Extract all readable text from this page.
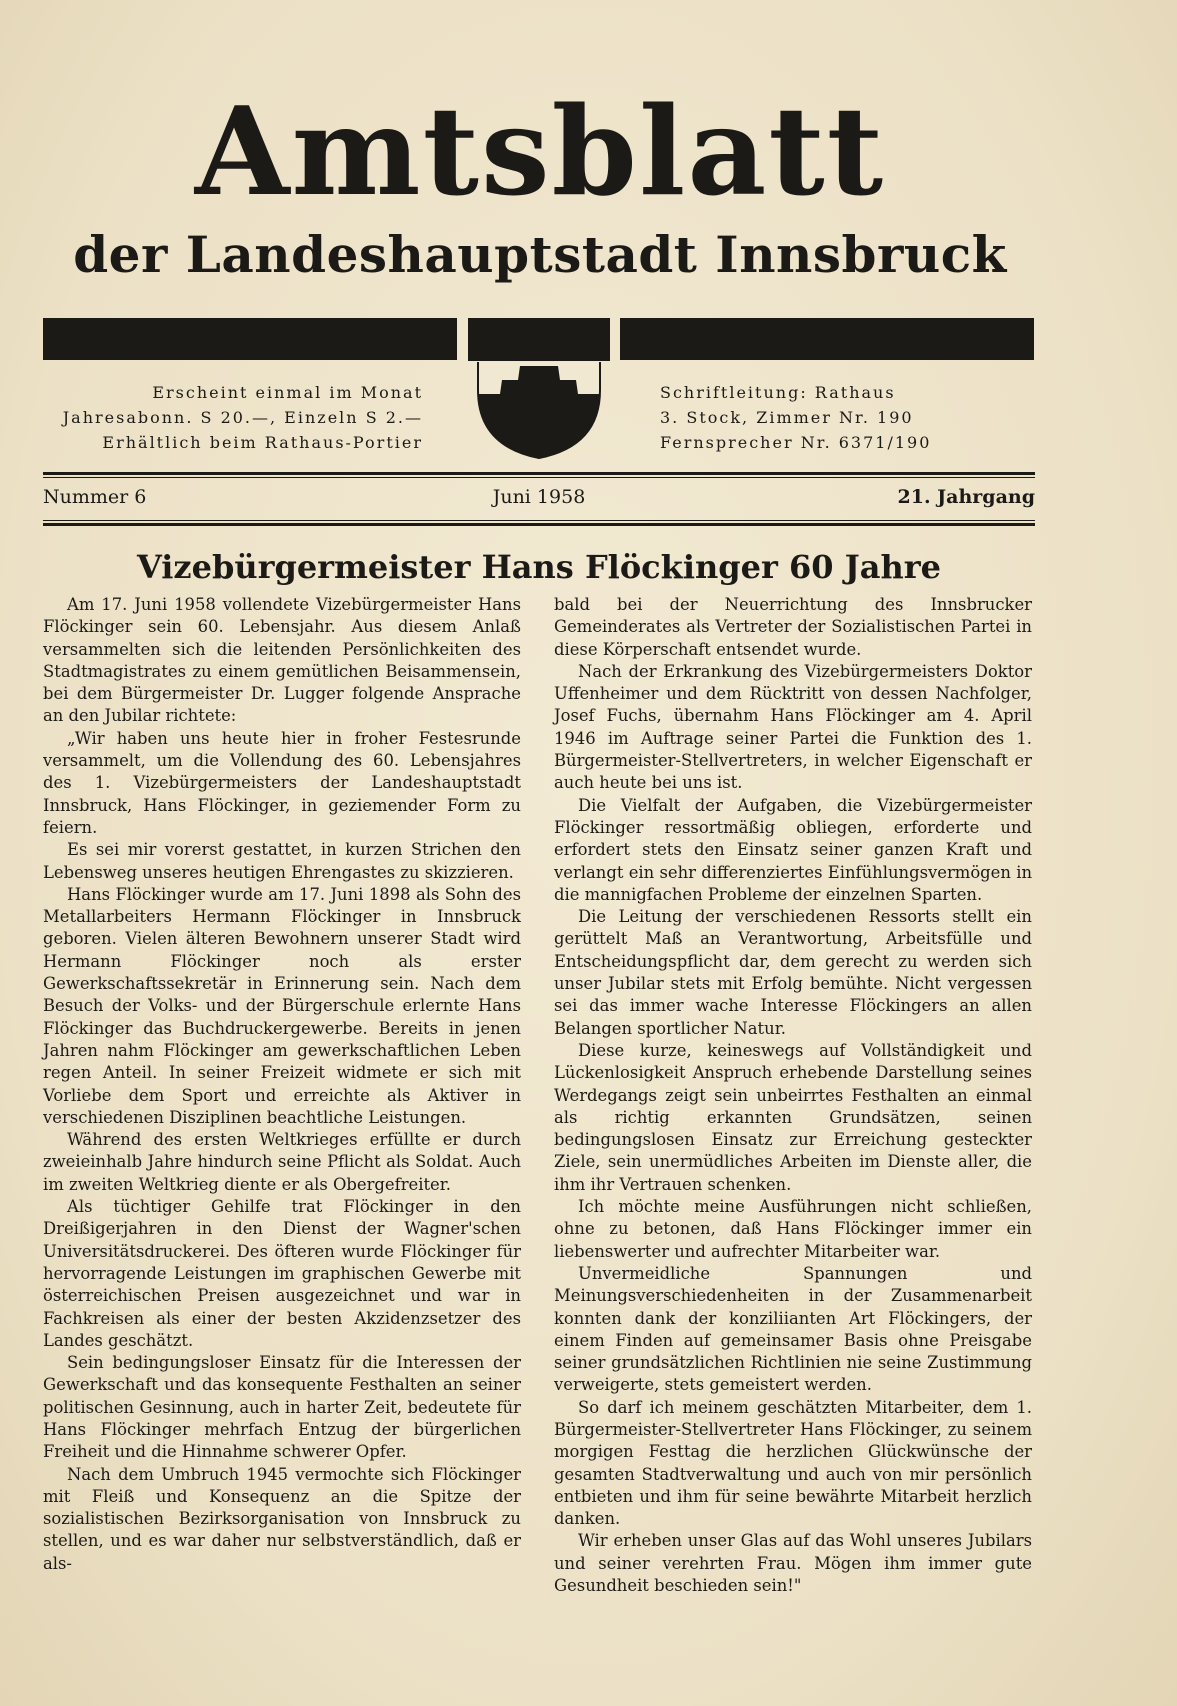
Amtsblatt
der Landeshauptstadt Innsbruck
Erscheint einmal im Monat
Jahresabonn. S 20.—, Einzeln S 2.—
Erhältlich beim Rathaus-Portier
Schriftleitung: Rathaus
3. Stock, Zimmer Nr. 190
Fernsprecher Nr. 6371/190
Nummer 6	Juni 1958	21. Jahrgang
Vizebürgermeister Hans Flöckinger 60 Jahre

Am 17. Juni 1958 vollendete Vizebürgermeister Hans Flöckinger sein 60. Lebensjahr. Aus diesem Anlaß versammelten sich die leitenden Persönlichkeiten des Stadtmagistrates zu einem gemütlichen Beisammensein, bei dem Bürgermeister Dr. Lugger folgende Ansprache an den Jubilar richtete:

„Wir haben uns heute hier in froher Festesrunde versammelt, um die Vollendung des 60. Lebensjahres des 1. Vizebürgermeisters der Landeshauptstadt Innsbruck, Hans Flöckinger, in geziemender Form zu feiern.

Es sei mir vorerst gestattet, in kurzen Strichen den Lebensweg unseres heutigen Ehrengastes zu skizzieren.

Hans Flöckinger wurde am 17. Juni 1898 als Sohn des Metallarbeiters Hermann Flöckinger in Innsbruck geboren. Vielen älteren Bewohnern unserer Stadt wird Hermann Flöckinger noch als erster Gewerkschaftssekretär in Erinnerung sein. Nach dem Besuch der Volks- und der Bürgerschule erlernte Hans Flöckinger das Buchdruckergewerbe. Bereits in jenen Jahren nahm Flöckinger am gewerkschaftlichen Leben regen Anteil. In seiner Freizeit widmete er sich mit Vorliebe dem Sport und erreichte als Aktiver in verschiedenen Disziplinen beachtliche Leistungen.

Während des ersten Weltkrieges erfüllte er durch zweieinhalb Jahre hindurch seine Pflicht als Soldat. Auch im zweiten Weltkrieg diente er als Obergefreiter.

Als tüchtiger Gehilfe trat Flöckinger in den Dreißigerjahren in den Dienst der Wagner'schen Universitätsdruckerei. Des öfteren wurde Flöckinger für hervorragende Leistungen im graphischen Gewerbe mit österreichischen Preisen ausgezeichnet und war in Fachkreisen als einer der besten Akzidenzsetzer des Landes geschätzt.

Sein bedingungsloser Einsatz für die Interessen der Gewerkschaft und das konsequente Festhalten an seiner politischen Gesinnung, auch in harter Zeit, bedeutete für Hans Flöckinger mehrfach Entzug der bürgerlichen Freiheit und die Hinnahme schwerer Opfer.

Nach dem Umbruch 1945 vermochte sich Flöckinger mit Fleiß und Konsequenz an die Spitze der sozialistischen Bezirksorganisation von Innsbruck zu stellen, und es war daher nur selbstverständlich, daß er als-

bald bei der Neuerrichtung des Innsbrucker Gemeinderates als Vertreter der Sozialistischen Partei in diese Körperschaft entsendet wurde.

Nach der Erkrankung des Vizebürgermeisters Doktor Uffenheimer und dem Rücktritt von dessen Nachfolger, Josef Fuchs, übernahm Hans Flöckinger am 4. April 1946 im Auftrage seiner Partei die Funktion des 1. Bürgermeister-Stellvertreters, in welcher Eigenschaft er auch heute bei uns ist.

Die Vielfalt der Aufgaben, die Vizebürgermeister Flöckinger ressortmäßig obliegen, erforderte und erfordert stets den Einsatz seiner ganzen Kraft und verlangt ein sehr differenziertes Einfühlungsvermögen in die mannigfachen Probleme der einzelnen Sparten.

Die Leitung der verschiedenen Ressorts stellt ein gerüttelt Maß an Verantwortung, Arbeitsfülle und Entscheidungspflicht dar, dem gerecht zu werden sich unser Jubilar stets mit Erfolg bemühte. Nicht vergessen sei das immer wache Interesse Flöckingers an allen Belangen sportlicher Natur.

Diese kurze, keineswegs auf Vollständigkeit und Lückenlosigkeit Anspruch erhebende Darstellung seines Werdegangs zeigt sein unbeirrtes Festhalten an einmal als richtig erkannten Grundsätzen, seinen bedingungslosen Einsatz zur Erreichung gesteckter Ziele, sein unermüdliches Arbeiten im Dienste aller, die ihm ihr Vertrauen schenken.

Ich möchte meine Ausführungen nicht schließen, ohne zu betonen, daß Hans Flöckinger immer ein liebenswerter und aufrechter Mitarbeiter war.

Unvermeidliche Spannungen und Meinungsverschiedenheiten in der Zusammenarbeit konnten dank der konziliianten Art Flöckingers, der einem Finden auf gemeinsamer Basis ohne Preisgabe seiner grundsätzlichen Richtlinien nie seine Zustimmung verweigerte, stets gemeistert werden.

So darf ich meinem geschätzten Mitarbeiter, dem 1. Bürgermeister-Stellvertreter Hans Flöckinger, zu seinem morgigen Festtag die herzlichen Glückwünsche der gesamten Stadtverwaltung und auch von mir persönlich entbieten und ihm für seine bewährte Mitarbeit herzlich danken.

Wir erheben unser Glas auf das Wohl unseres Jubilars und seiner verehrten Frau. Mögen ihm immer gute Gesundheit beschieden sein!"
